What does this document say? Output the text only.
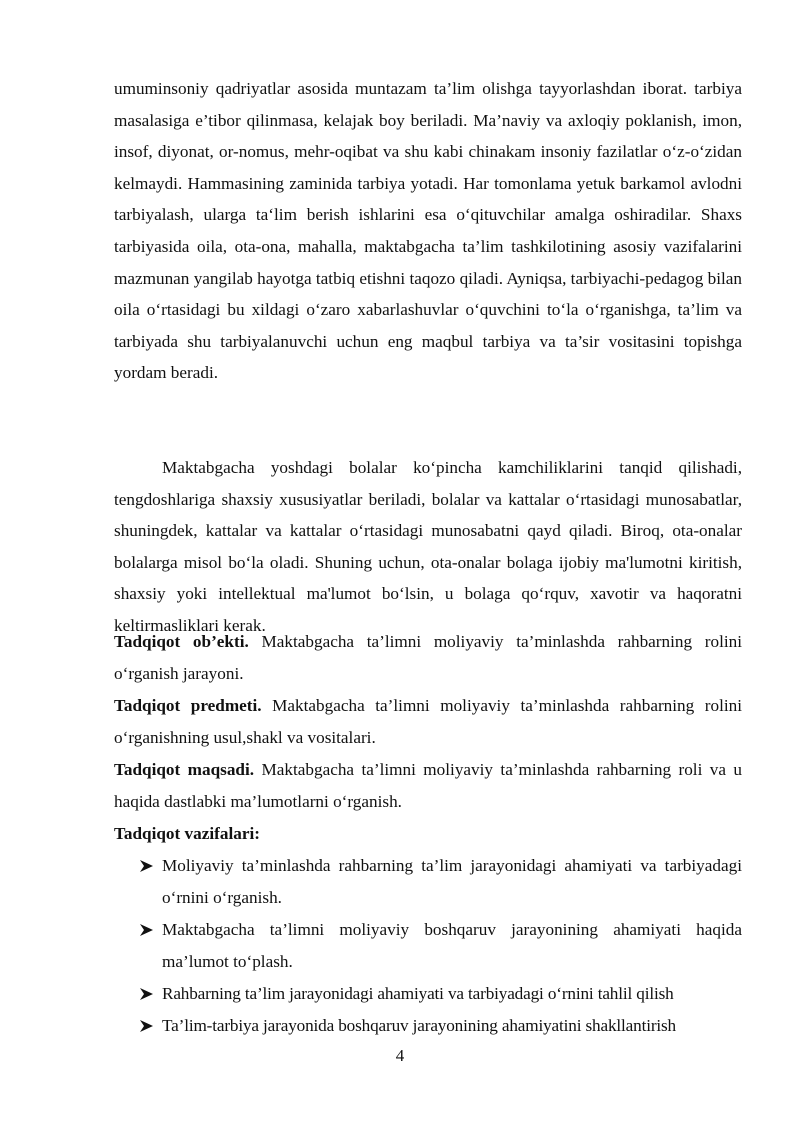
umuminsoniy qadriyatlar asosida muntazam ta’lim olishga tayyorlashdan iborat. tarbiya masalasiga e’tibor qilinmasa, kelajak boy beriladi. Ma’naviy va axloqiy poklanish, imon, insof, diyonat, or-nomus, mehr-oqibat va shu kabi chinakam insoniy fazilatlar o‘z-o‘zidan kelmaydi. Hammasining zaminida tarbiya yotadi. Har tomonlama yetuk barkamol avlodni tarbiyalash, ularga ta‘lim berish ishlarini esa o‘qituvchilar amalga oshiradilar. Shaxs tarbiyasida oila, ota-ona, mahalla, maktabgacha ta’lim tashkilotining asosiy vazifalarini mazmunan yangilab hayotga tatbiq etishni taqozo qiladi. Ayniqsa, tarbiyachi-pedagog bilan oila o‘rtasidagi bu xildagi o‘zaro xabarlashuvlar o‘quvchini to‘la o‘rganishga, ta’lim va tarbiyada shu tarbiyalanuvchi uchun eng maqbul tarbiya va ta’sir vositasini topishga yordam beradi.
Maktabgacha yoshdagi bolalar ko‘pincha kamchiliklarini tanqid qilishadi, tengdoshlariga shaxsiy xususiyatlar beriladi, bolalar va kattalar o‘rtasidagi munosabatlar, shuningdek, kattalar va kattalar o‘rtasidagi munosabatni qayd qiladi. Biroq, ota-onalar bolalarga misol bo‘la oladi. Shuning uchun, ota-onalar bolaga ijobiy ma'lumotni kiritish, shaxsiy yoki intellektual ma'lumot bo‘lsin, u bolaga qo‘rquv, xavotir va haqoratni keltirmasliklari kerak.
Tadqiqot ob’ekti. Maktabgacha ta’limni moliyaviy ta’minlashda rahbarning rolini o‘rganish jarayoni.
Tadqiqot predmeti. Maktabgacha ta’limni moliyaviy ta’minlashda rahbarning rolini o‘rganishning usul,shakl va vositalari.
Tadqiqot maqsadi. Maktabgacha ta’limni moliyaviy ta’minlashda rahbarning roli va u haqida dastlabki ma’lumotlarni o‘rganish.
Tadqiqot vazifalari:
Moliyaviy ta’minlashda rahbarning ta’lim jarayonidagi ahamiyati va tarbiyadagi o‘rnini o‘rganish.
Maktabgacha ta’limni moliyaviy boshqaruv jarayonining ahamiyati haqida ma’lumot to‘plash.
Rahbarning ta’lim jarayonidagi ahamiyati va tarbiyadagi o‘rnini tahlil qilish
Ta’lim-tarbiya jarayonida boshqaruv jarayonining ahamiyatini shakllantirish
4
